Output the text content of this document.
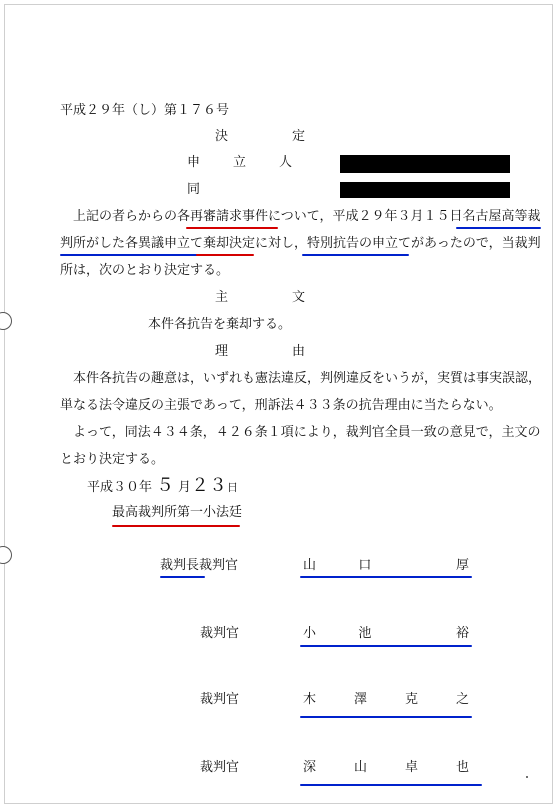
平成２９年（し）第１７６号
決	定
申	立	人
同
上記の者らからの各再審請求事件について，平成２９年３月１５日名古屋高等裁
判所がした各異議申立て棄却決定に対し，特別抗告の申立てがあったので，当裁判
所は，次のとおり決定する。
主	文
本件各抗告を棄却する。
理	由
本件各抗告の趣意は，いずれも憲法違反，判例違反をいうが，実質は事実誤認，
単なる法令違反の主張であって，刑訴法４３３条の抗告理由に当たらない。
よって，同法４３４条，４２６条１項により，裁判官全員一致の意見で，主文の
とおり決定する。
平成３０年 ５ 月２３日
最高裁判所第一小法廷
裁判長裁判官	山	口	厚
裁判官	小	池	裕
裁判官	木	澤	克	之
裁判官	深	山	卓	也
